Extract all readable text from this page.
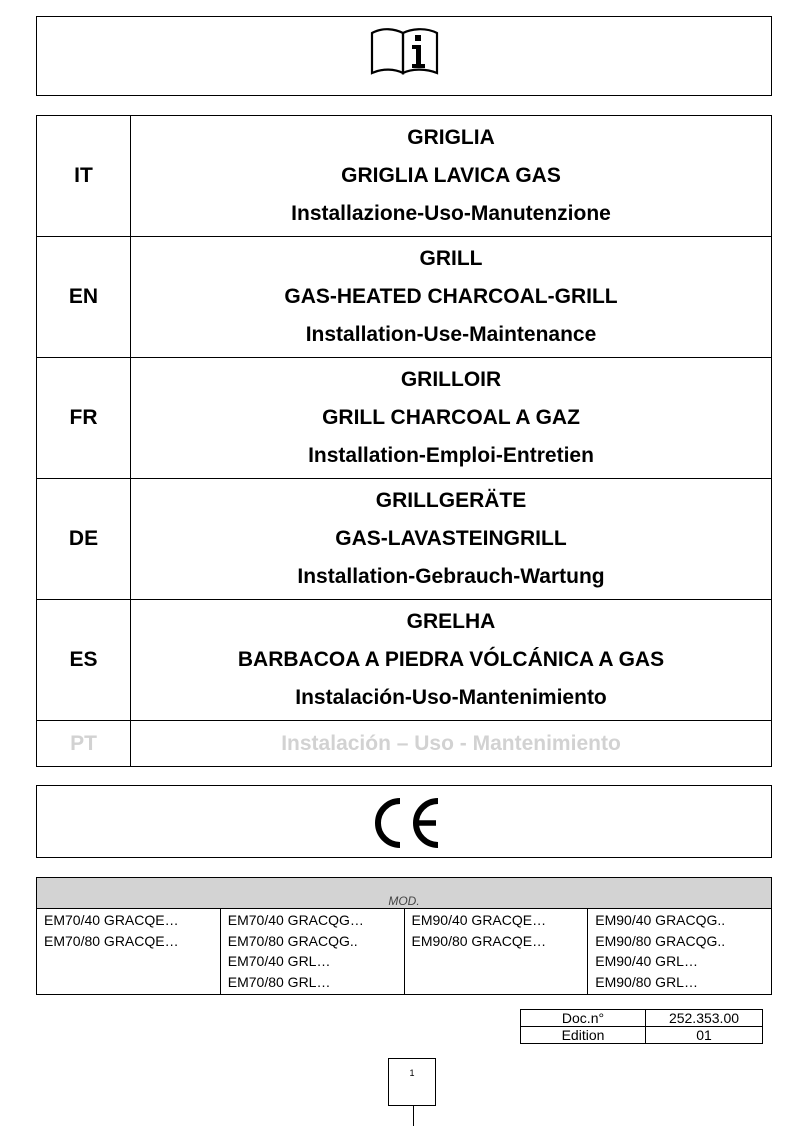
IT	GRIGLIA
GRIGLIA LAVICA GAS
Installazione-Uso-Manutenzione

EN	GRILL
GAS-HEATED CHARCOAL-GRILL
Installation-Use-Maintenance

FR	GRILLOIR
GRILL CHARCOAL A GAZ
Installation-Emploi-Entretien

DE	GRILLGERÄTE
GAS-LAVASTEINGRILL
Installation-Gebrauch-Wartung

ES	GRELHA
BARBACOA A PIEDRA VÓLCÁNICA A GAS
Instalación-Uso-Mantenimiento

PT	Instalación – Uso - Mantenimiento
MOD.

EM70/40 GRACQE…
EM70/80 GRACQE…

EM70/40 GRACQG…
EM70/80 GRACQG..
EM70/40 GRL…
EM70/80 GRL…

EM90/40 GRACQE…
EM90/80 GRACQE…

EM90/40 GRACQG..
EM90/80 GRACQG..
EM90/40 GRL…
EM90/80 GRL…
Doc.n°	252.353.00
Edition	01
1
